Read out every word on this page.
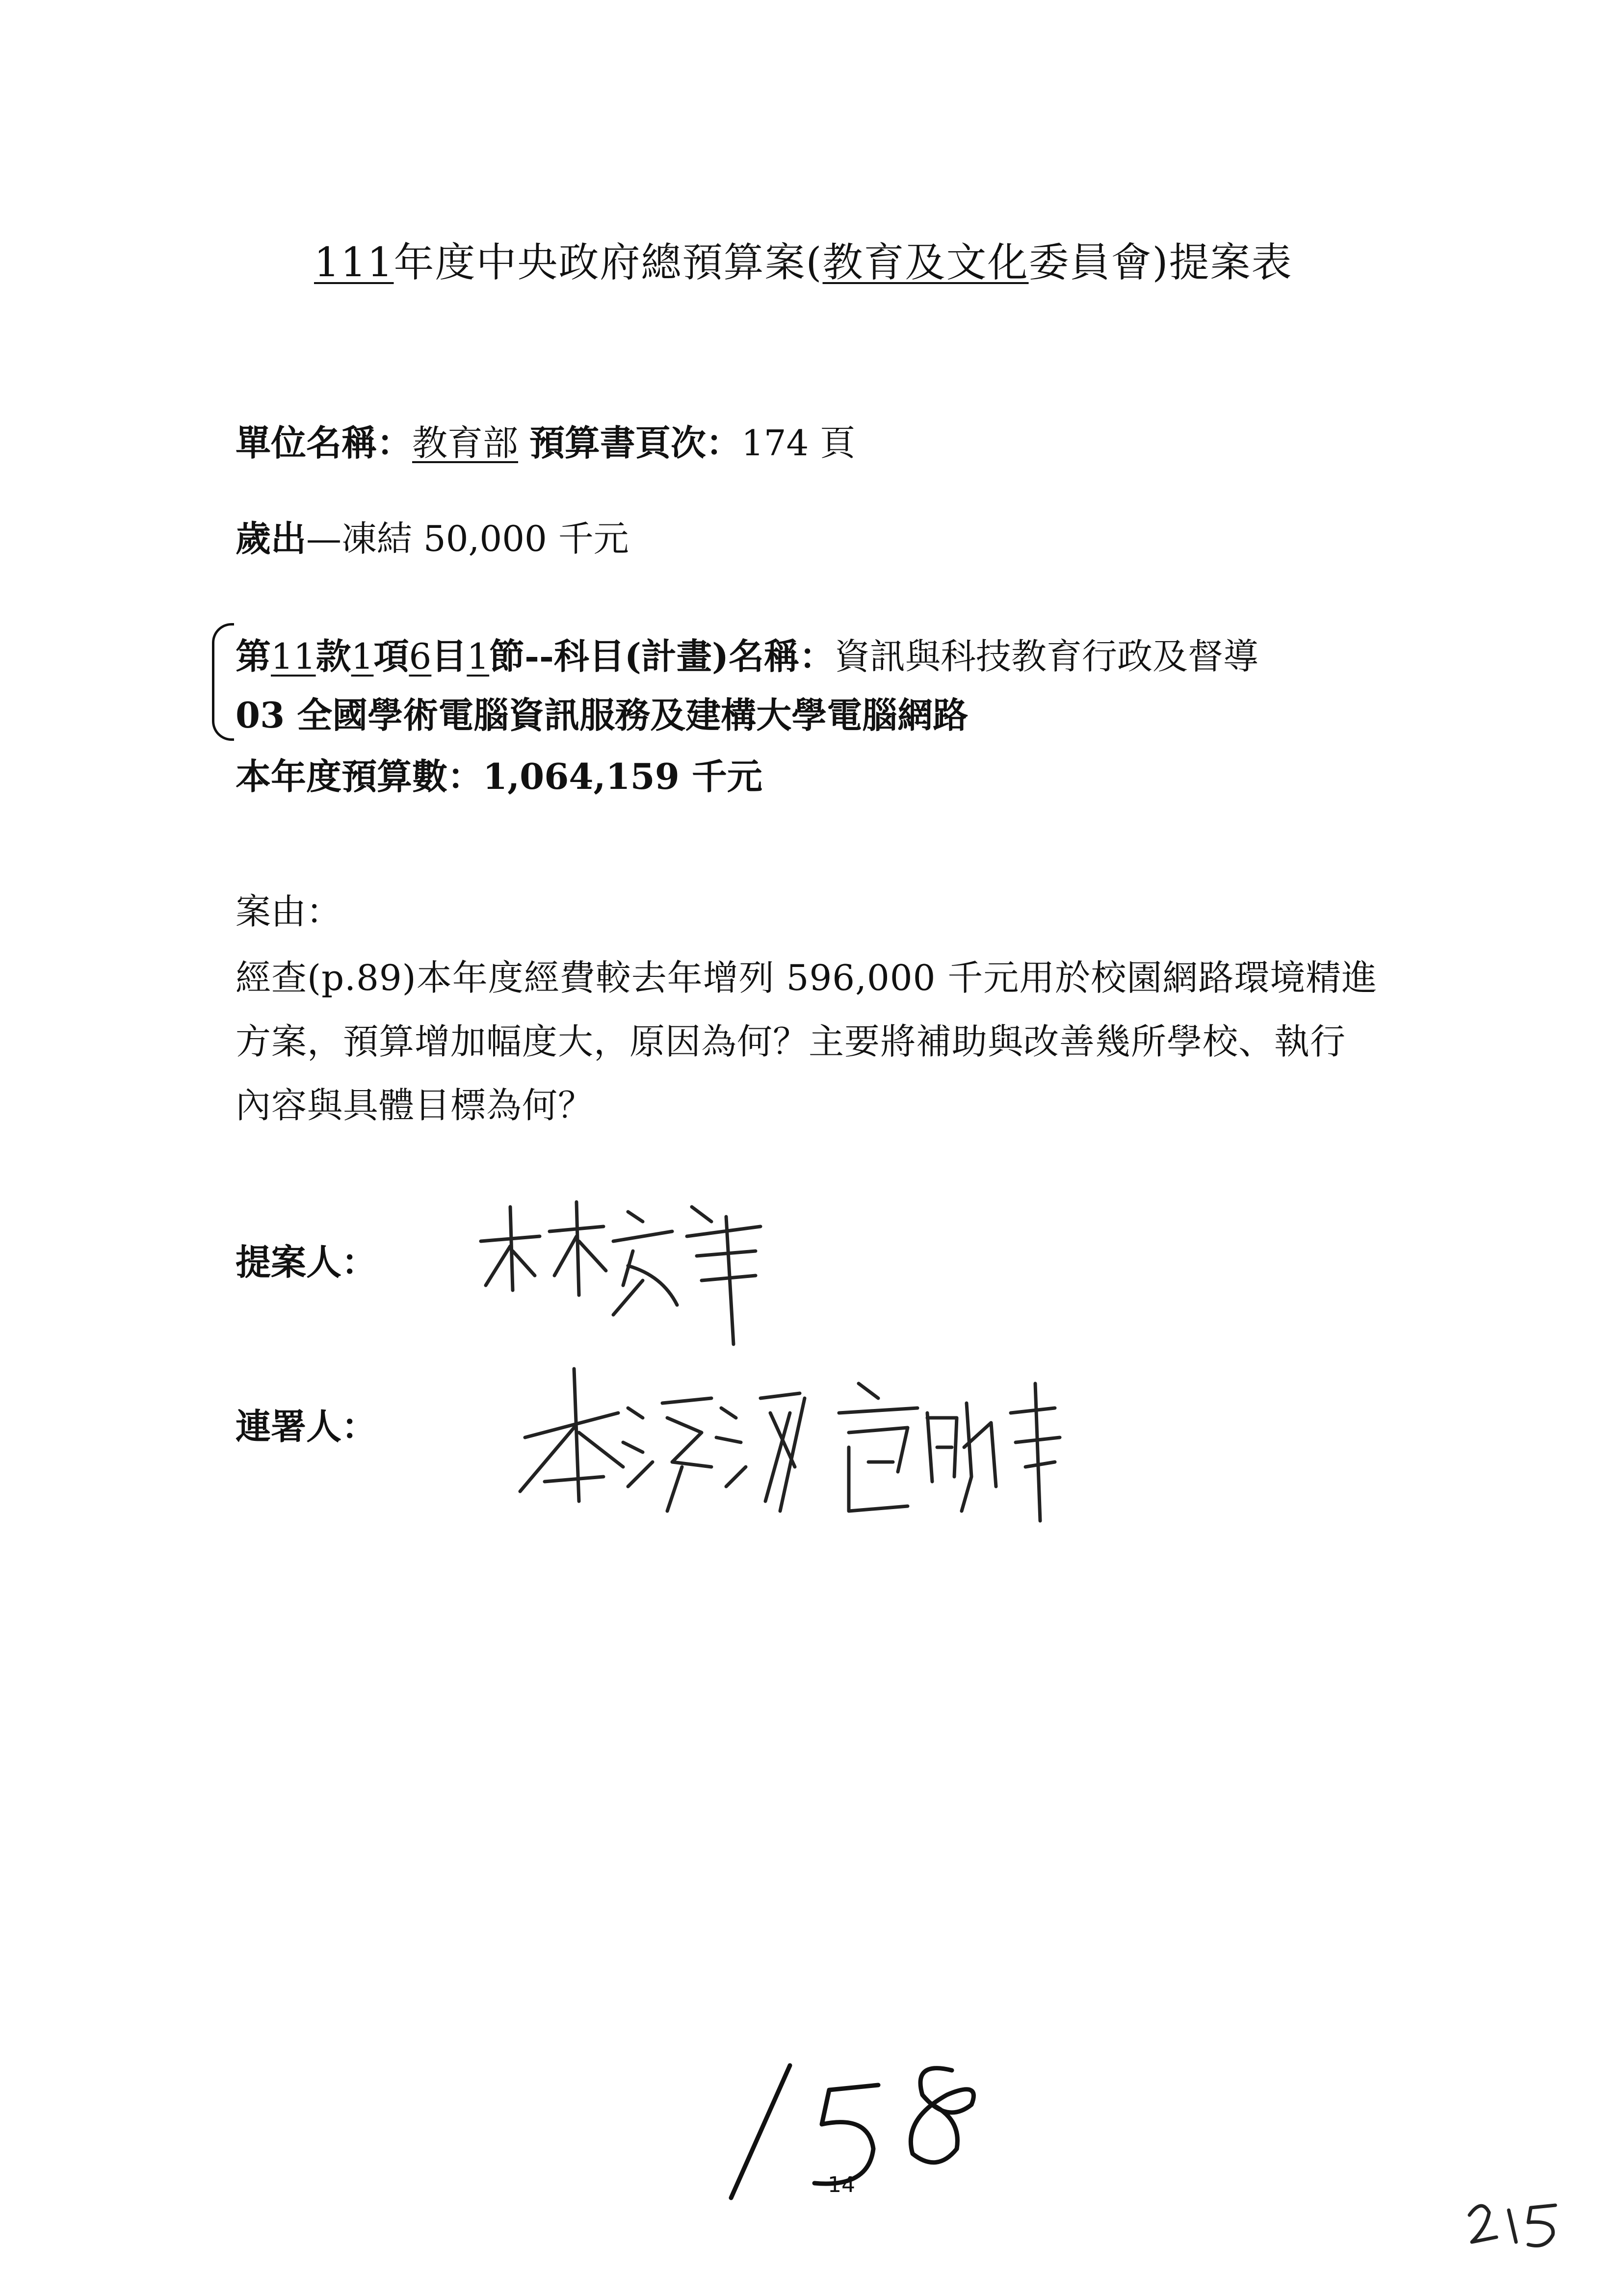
111年度中央政府總預算案(教育及文化委員會)提案表
單位名稱：教育部 預算書頁次：174 頁
歲出—凍結 50,000 千元
第11款1項6目1節--科目(計畫)名稱：資訊與科技教育行政及督導
03 全國學術電腦資訊服務及建構大學電腦網路
本年度預算數：1,064,159 千元
案由：
經查(p.89)本年度經費較去年增列 596,000 千元用於校園網路環境精進
方案，預算增加幅度大，原因為何？主要將補助與改善幾所學校、執行
內容與具體目標為何？
提案人：
連署人：
14
